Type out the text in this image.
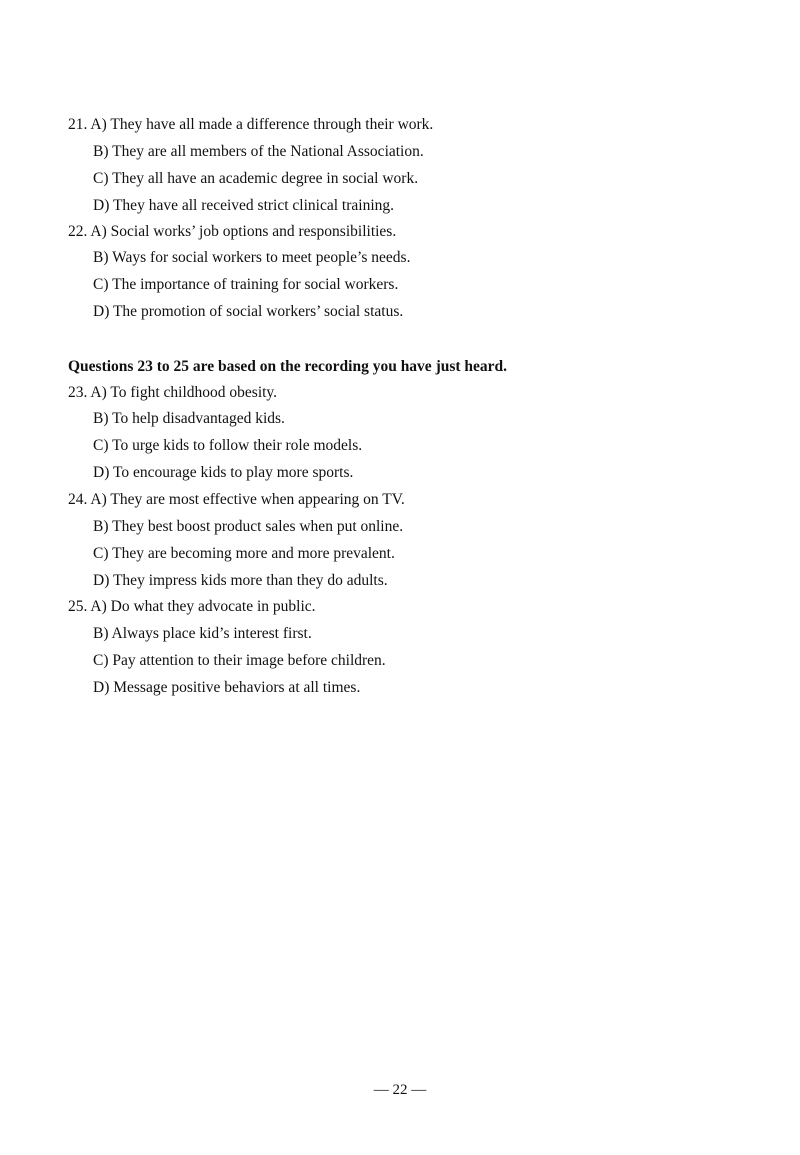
21. A) They have all made a difference through their work.
B) They are all members of the National Association.
C) They all have an academic degree in social work.
D) They have all received strict clinical training.
22. A) Social works’ job options and responsibilities.
B) Ways for social workers to meet people’s needs.
C) The importance of training for social workers.
D) The promotion of social workers’ social status.
Questions 23 to 25 are based on the recording you have just heard.
23. A) To fight childhood obesity.
B) To help disadvantaged kids.
C) To urge kids to follow their role models.
D) To encourage kids to play more sports.
24. A) They are most effective when appearing on TV.
B) They best boost product sales when put online.
C) They are becoming more and more prevalent.
D) They impress kids more than they do adults.
25. A) Do what they advocate in public.
B) Always place kid’s interest first.
C) Pay attention to their image before children.
D) Message positive behaviors at all times.
— 22 —
